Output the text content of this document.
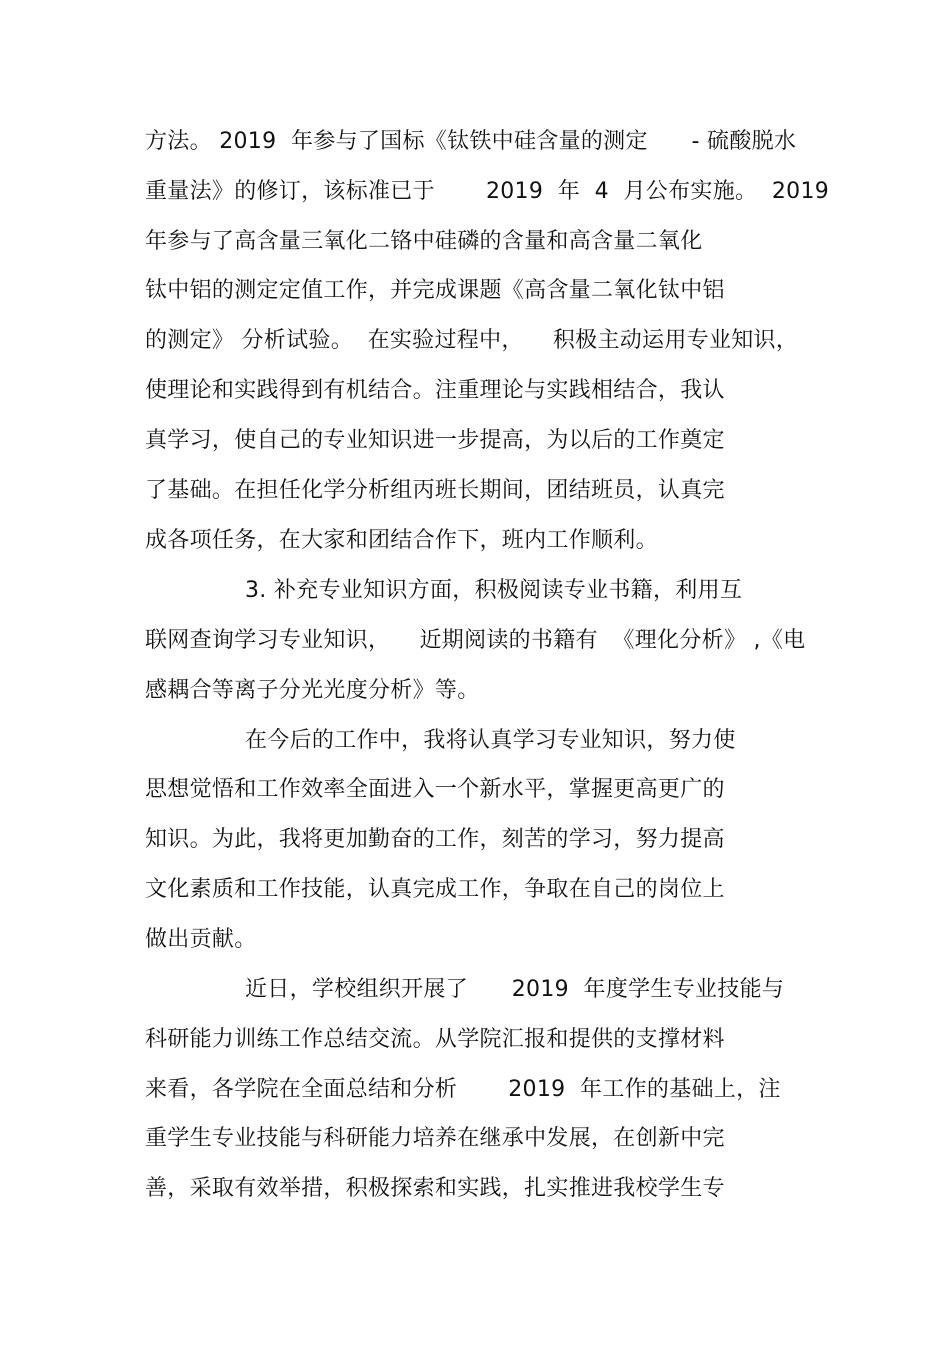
方法。 2019  年参与了国标《钛铁中硅含量的测定      - 硫酸脱水
重量法》的修订，该标准已于       2019  年  4  月公布实施。  2019
年参与了高含量三氧化二铬中硅磷的含量和高含量二氧化
钛中铝的测定定值工作，并完成课题《高含量二氧化钛中铝
的测定》 分析试验。  在实验过程中，    积极主动运用专业知识，
使理论和实践得到有机结合。注重理论与实践相结合，我认
真学习，使自己的专业知识进一步提高，为以后的工作奠定
了基础。在担任化学分析组丙班长期间，团结班员，认真完
成各项任务，在大家和团结合作下，班内工作顺利。
3. 补充专业知识方面，积极阅读专业书籍，利用互
联网查询学习专业知识，    近期阅读的书籍有  《理化分析》 ,《电
感耦合等离子分光光度分析》等。
在今后的工作中，我将认真学习专业知识，努力使
思想觉悟和工作效率全面进入一个新水平，掌握更高更广的
知识。为此，我将更加勤奋的工作，刻苦的学习，努力提高
文化素质和工作技能，认真完成工作，争取在自己的岗位上
做出贡献。
近日，学校组织开展了      2019  年度学生专业技能与
科研能力训练工作总结交流。从学院汇报和提供的支撑材料
来看，各学院在全面总结和分析       2019  年工作的基础上，注
重学生专业技能与科研能力培养在继承中发展，在创新中完
善，采取有效举措，积极探索和实践，扎实推进我校学生专
